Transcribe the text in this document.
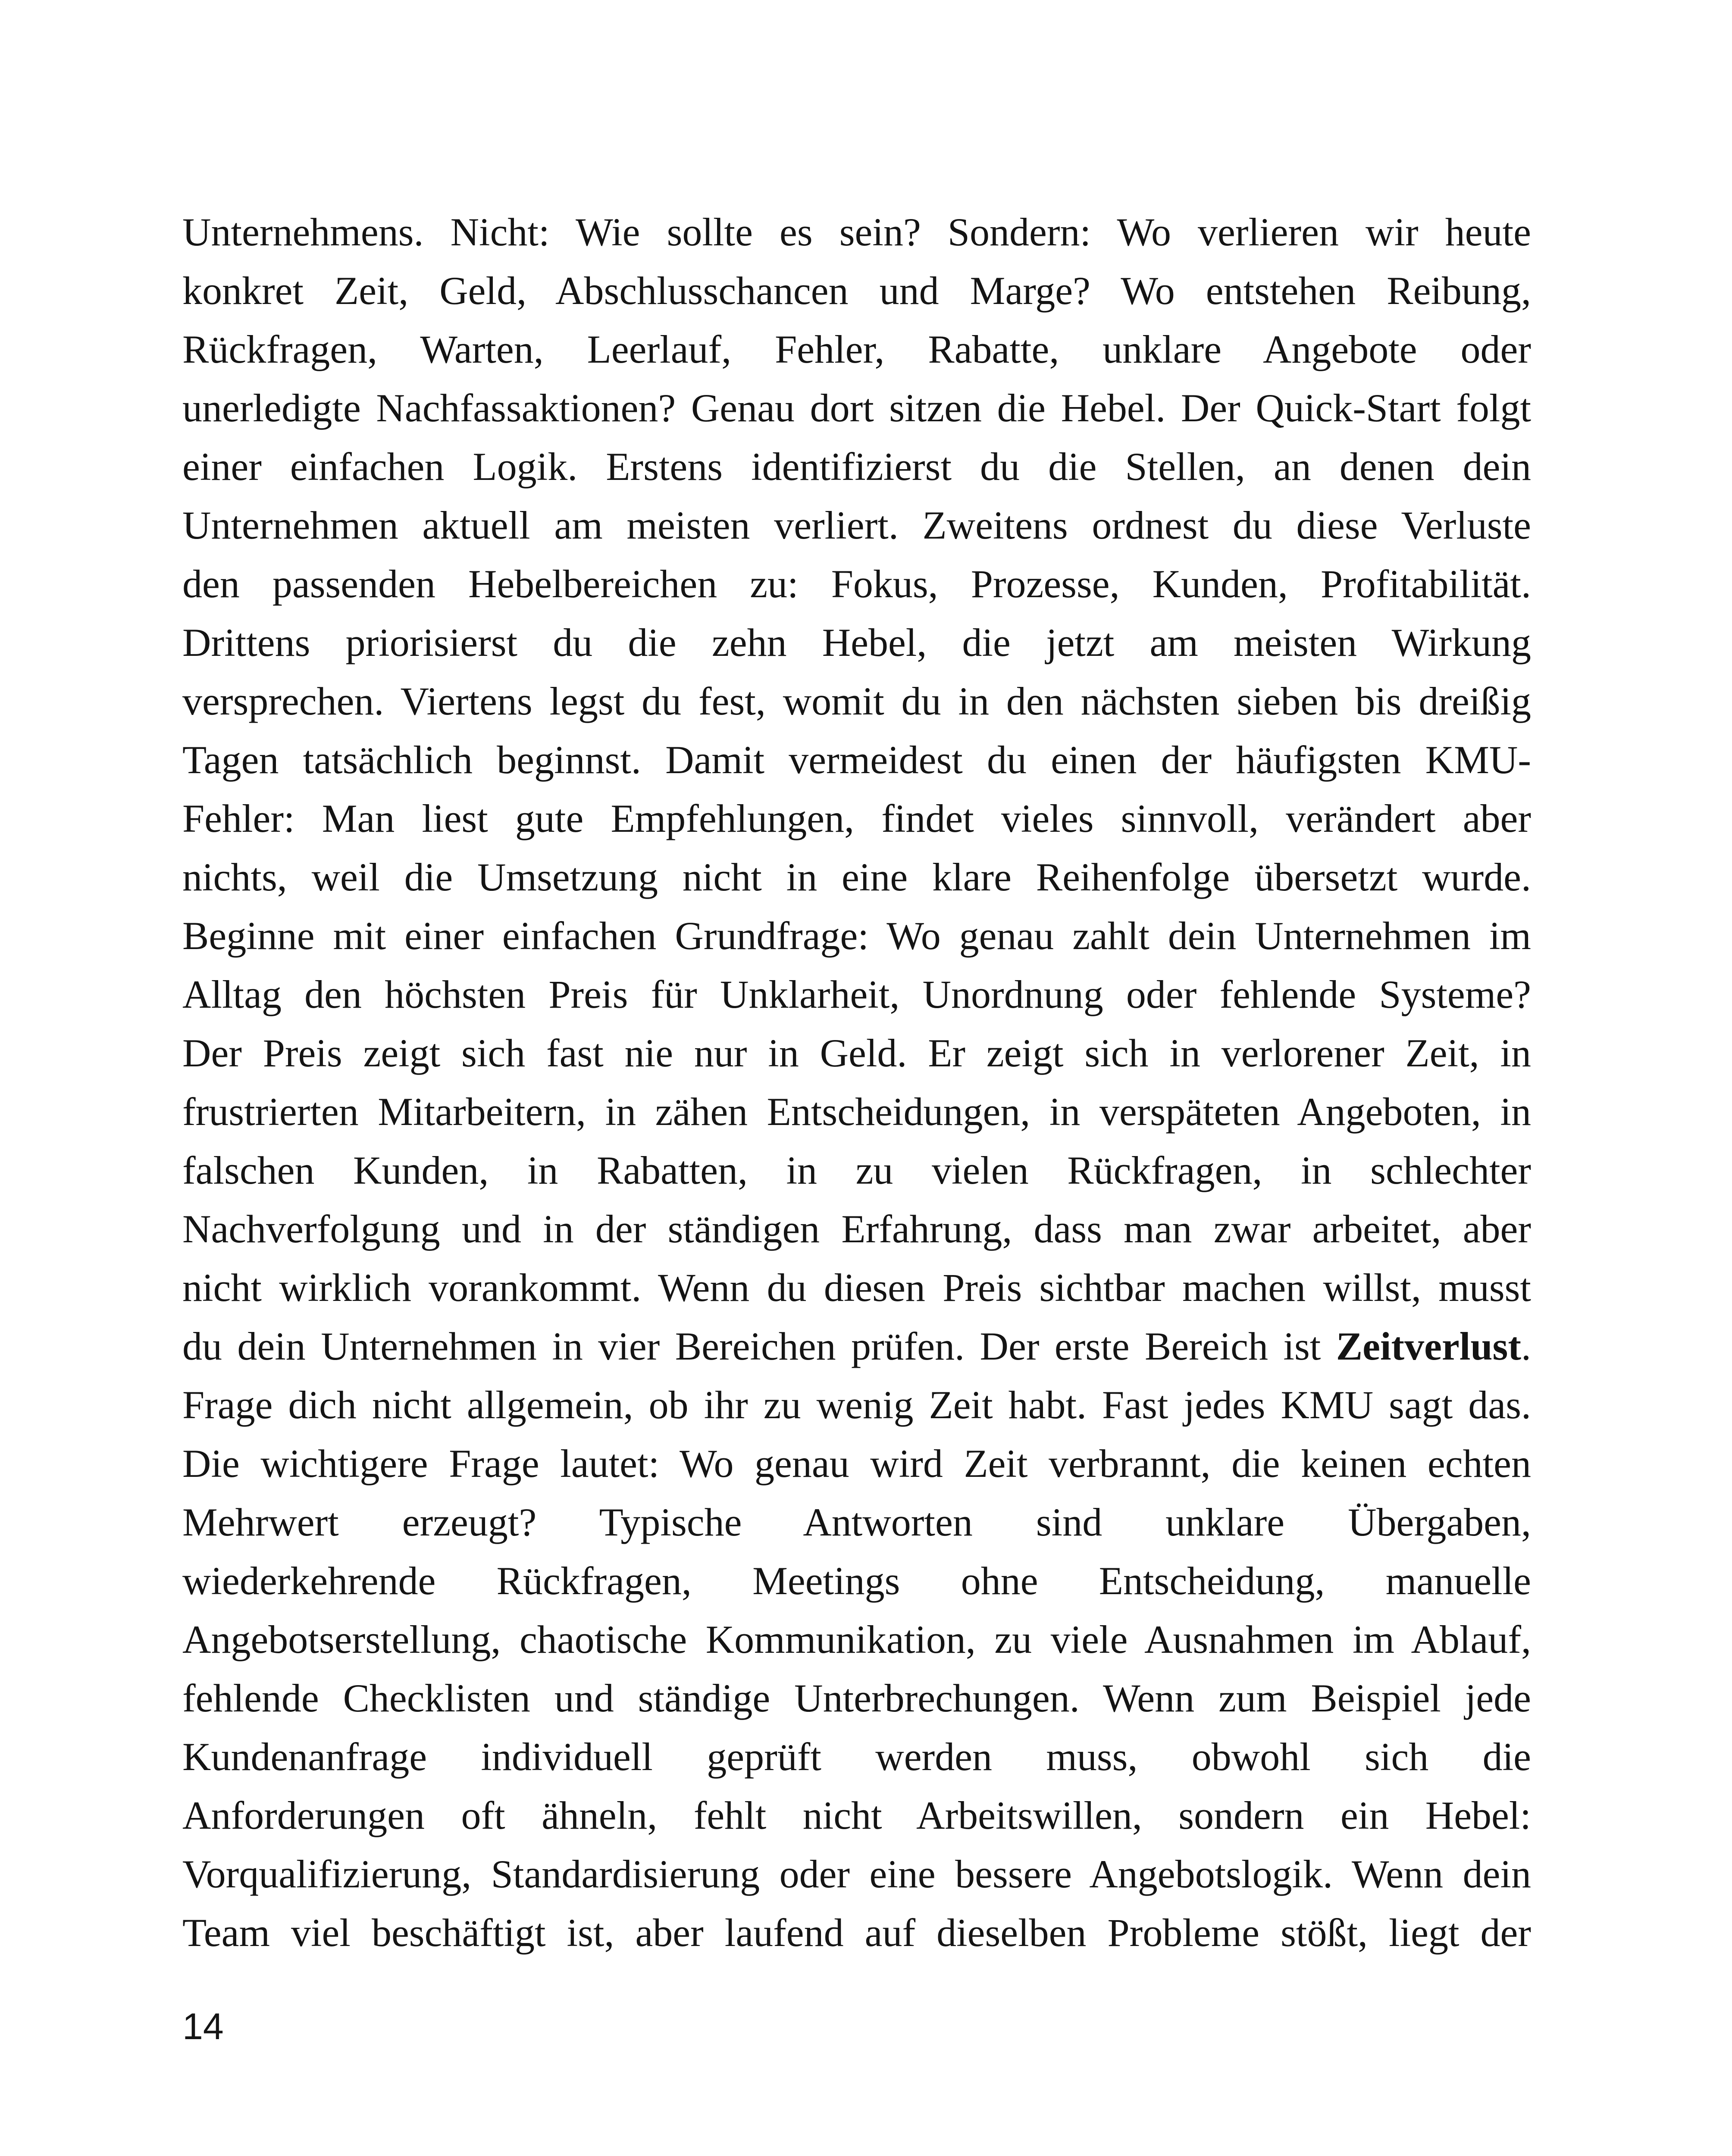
Unternehmens. Nicht: Wie sollte es sein? Sondern: Wo verlieren wir heute
konkret Zeit, Geld, Abschlusschancen und Marge? Wo entstehen Reibung,
Rückfragen, Warten, Leerlauf, Fehler, Rabatte, unklare Angebote oder
unerledigte Nachfassaktionen? Genau dort sitzen die Hebel. Der Quick-Start folgt
einer einfachen Logik. Erstens identifizierst du die Stellen, an denen dein
Unternehmen aktuell am meisten verliert. Zweitens ordnest du diese Verluste
den passenden Hebelbereichen zu: Fokus, Prozesse, Kunden, Profitabilität.
Drittens priorisierst du die zehn Hebel, die jetzt am meisten Wirkung
versprechen. Viertens legst du fest, womit du in den nächsten sieben bis dreißig
Tagen tatsächlich beginnst. Damit vermeidest du einen der häufigsten KMU-
Fehler: Man liest gute Empfehlungen, findet vieles sinnvoll, verändert aber
nichts, weil die Umsetzung nicht in eine klare Reihenfolge übersetzt wurde.
Beginne mit einer einfachen Grundfrage: Wo genau zahlt dein Unternehmen im
Alltag den höchsten Preis für Unklarheit, Unordnung oder fehlende Systeme?
Der Preis zeigt sich fast nie nur in Geld. Er zeigt sich in verlorener Zeit, in
frustrierten Mitarbeitern, in zähen Entscheidungen, in verspäteten Angeboten, in
falschen Kunden, in Rabatten, in zu vielen Rückfragen, in schlechter
Nachverfolgung und in der ständigen Erfahrung, dass man zwar arbeitet, aber
nicht wirklich vorankommt. Wenn du diesen Preis sichtbar machen willst, musst
du dein Unternehmen in vier Bereichen prüfen. Der erste Bereich ist Zeitverlust.
Frage dich nicht allgemein, ob ihr zu wenig Zeit habt. Fast jedes KMU sagt das.
Die wichtigere Frage lautet: Wo genau wird Zeit verbrannt, die keinen echten
Mehrwert erzeugt? Typische Antworten sind unklare Übergaben,
wiederkehrende Rückfragen, Meetings ohne Entscheidung, manuelle
Angebotserstellung, chaotische Kommunikation, zu viele Ausnahmen im Ablauf,
fehlende Checklisten und ständige Unterbrechungen. Wenn zum Beispiel jede
Kundenanfrage individuell geprüft werden muss, obwohl sich die
Anforderungen oft ähneln, fehlt nicht Arbeitswillen, sondern ein Hebel:
Vorqualifizierung, Standardisierung oder eine bessere Angebotslogik. Wenn dein
Team viel beschäftigt ist, aber laufend auf dieselben Probleme stößt, liegt der
14
